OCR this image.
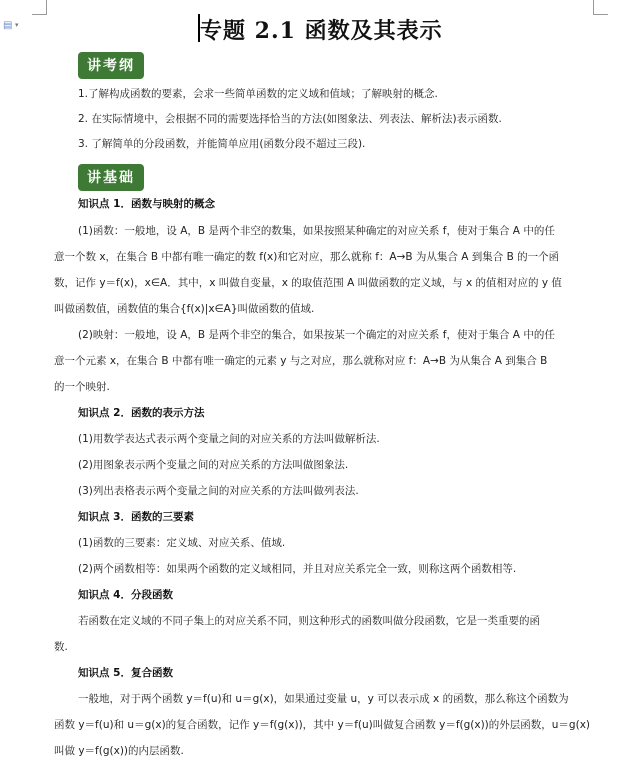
▤ ▾	专题 2.1 函数及其表示
讲考纲
1.了解构成函数的要素，会求一些简单函数的定义域和值域；了解映射的概念.
2. 在实际情境中，会根据不同的需要选择恰当的方法(如图象法、列表法、解析法)表示函数.
3. 了解简单的分段函数，并能简单应用(函数分段不超过三段).
讲基础
知识点 1．函数与映射的概念
(1)函数：一般地，设 A，B 是两个非空的数集，如果按照某种确定的对应关系 f，使对于集合 A 中的任
意一个数 x，在集合 B 中都有唯一确定的数 f(x)和它对应，那么就称 f：A→B 为从集合 A 到集合 B 的一个函
数，记作 y＝f(x)，x∈A．其中，x 叫做自变量，x 的取值范围 A 叫做函数的定义域，与 x 的值相对应的 y 值
叫做函数值，函数值的集合{f(x)|x∈A}叫做函数的值域.
(2)映射：一般地，设 A，B 是两个非空的集合，如果按某一个确定的对应关系 f，使对于集合 A 中的任
意一个元素 x，在集合 B 中都有唯一确定的元素 y 与之对应，那么就称对应 f：A→B 为从集合 A 到集合 B
的一个映射.
知识点 2．函数的表示方法
(1)用数学表达式表示两个变量之间的对应关系的方法叫做解析法.
(2)用图象表示两个变量之间的对应关系的方法叫做图象法.
(3)列出表格表示两个变量之间的对应关系的方法叫做列表法.
知识点 3．函数的三要素
(1)函数的三要素：定义域、对应关系、值域.
(2)两个函数相等：如果两个函数的定义域相同，并且对应关系完全一致，则称这两个函数相等.
知识点 4．分段函数
若函数在定义域的不同子集上的对应关系不同，则这种形式的函数叫做分段函数，它是一类重要的函
数.
知识点 5．复合函数
一般地，对于两个函数 y＝f(u)和 u＝g(x)，如果通过变量 u，y 可以表示成 x 的函数，那么称这个函数为
函数 y＝f(u)和 u＝g(x)的复合函数，记作 y＝f(g(x))，其中 y＝f(u)叫做复合函数 y＝f(g(x))的外层函数，u＝g(x)
叫做 y＝f(g(x))的内层函数.
